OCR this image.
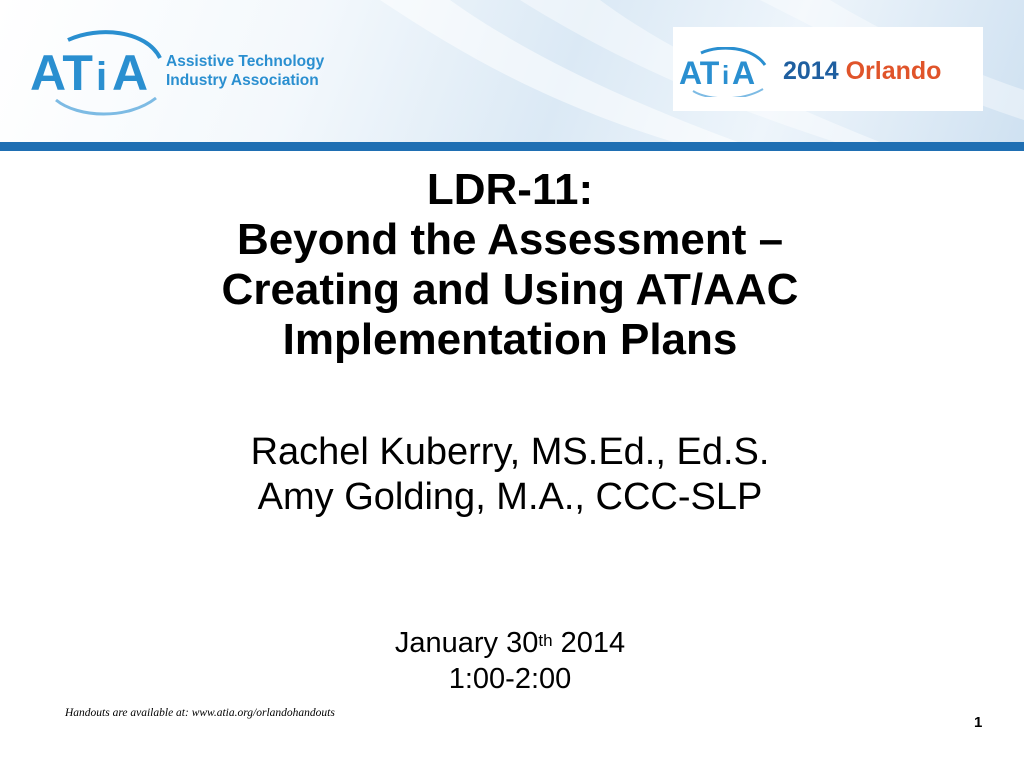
AT i A Assistive Technology
Industry Association	AT i A 2014 Orlando
LDR-11:
Beyond the Assessment –
Creating and Using AT/AAC
Implementation Plans
Rachel Kuberry, MS.Ed., Ed.S.
Amy Golding, M.A., CCC-SLP
January 30th 2014
1:00-2:00
Handouts are available at: www.atia.org/orlandohandouts
1
